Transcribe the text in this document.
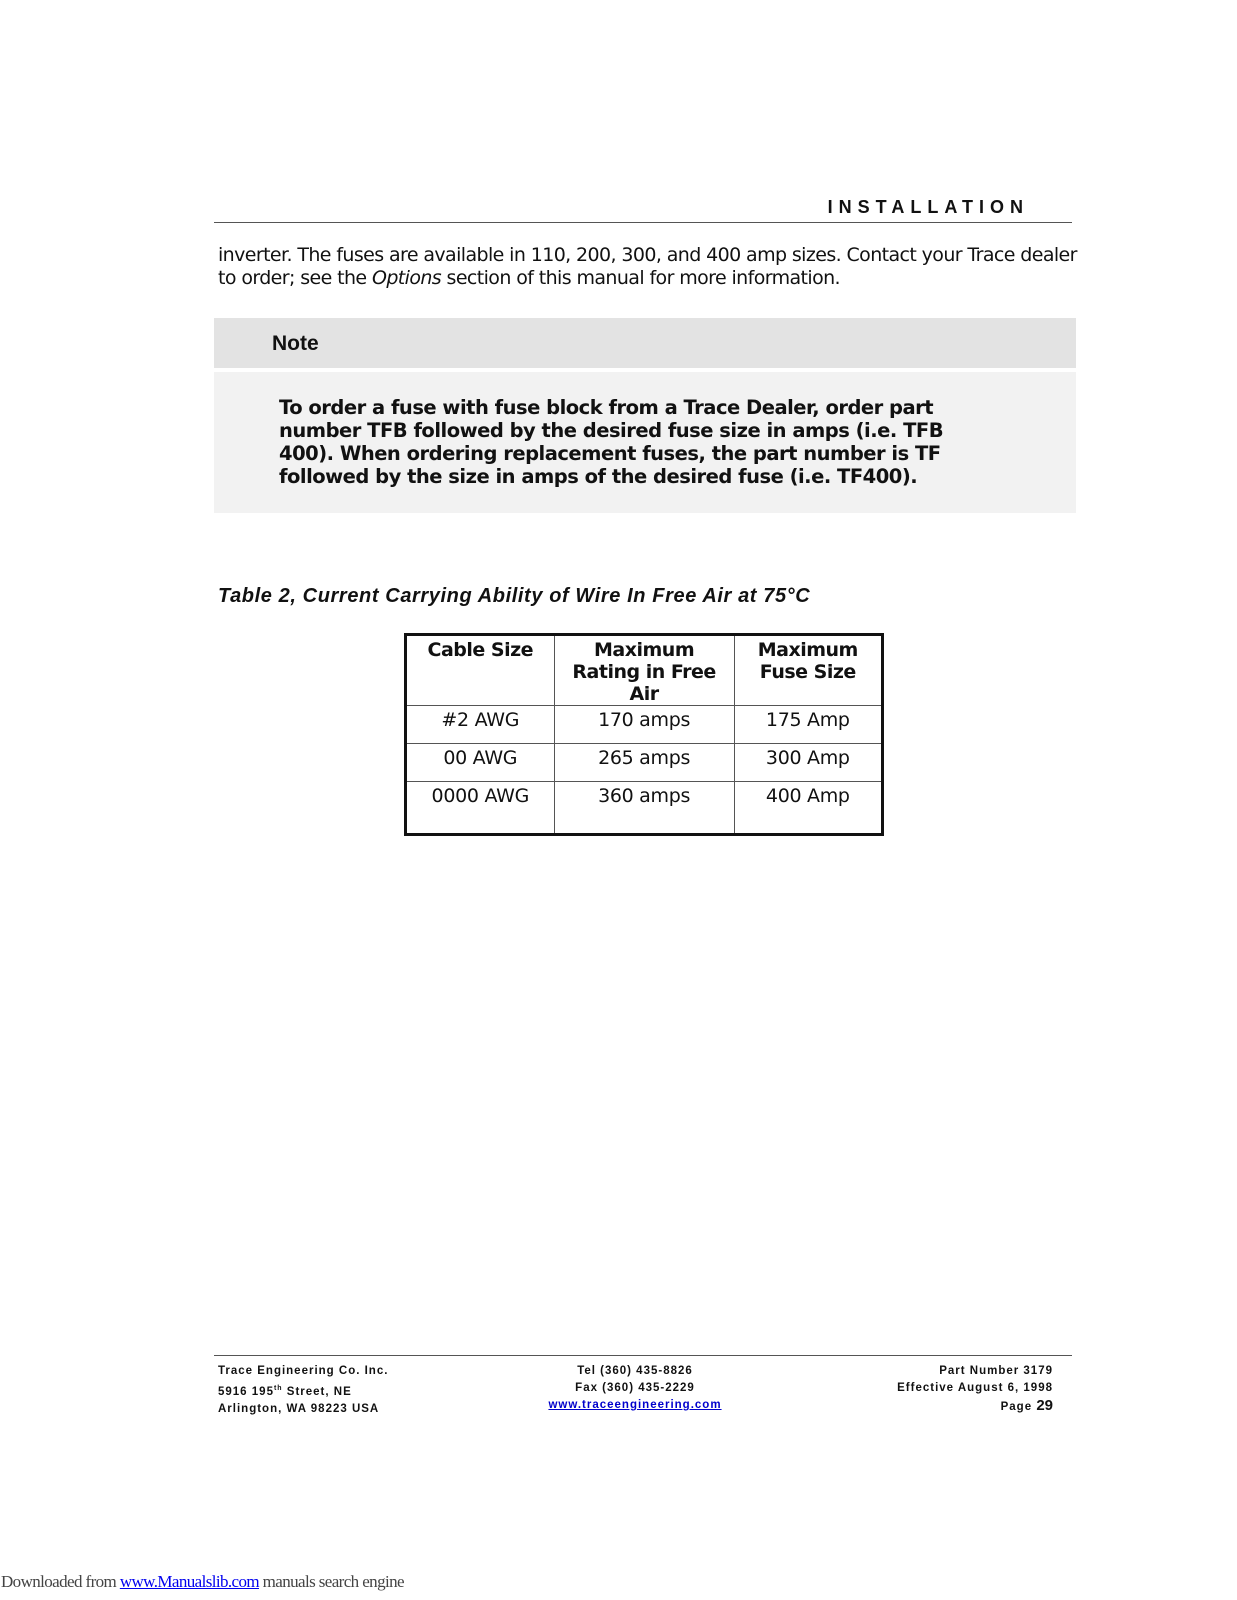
INSTALLATION
inverter. The fuses are available in 110, 200, 300, and 400 amp sizes. Contact your Trace dealer to order; see the Options section of this manual for more information.
Note
To order a fuse with fuse block from a Trace Dealer, order part number TFB followed by the desired fuse size in amps (i.e. TFB 400). When ordering replacement fuses, the part number is TF followed by the size in amps of the desired fuse (i.e. TF400).
Table 2, Current Carrying Ability of Wire In Free Air at 75°C
Cable Size	Maximum Rating in Free Air	Maximum Fuse Size
#2 AWG	170 amps	175 Amp
00 AWG	265 amps	300 Amp
0000 AWG	360 amps	400 Amp
Trace Engineering Co. Inc.
5916 195th Street, NE
Arlington, WA 98223 USA
Tel (360) 435-8826
Fax (360) 435-2229
www.traceengineering.com
Part Number 3179
Effective August 6, 1998
Page 29
Downloaded from www.Manualslib.com manuals search engine
